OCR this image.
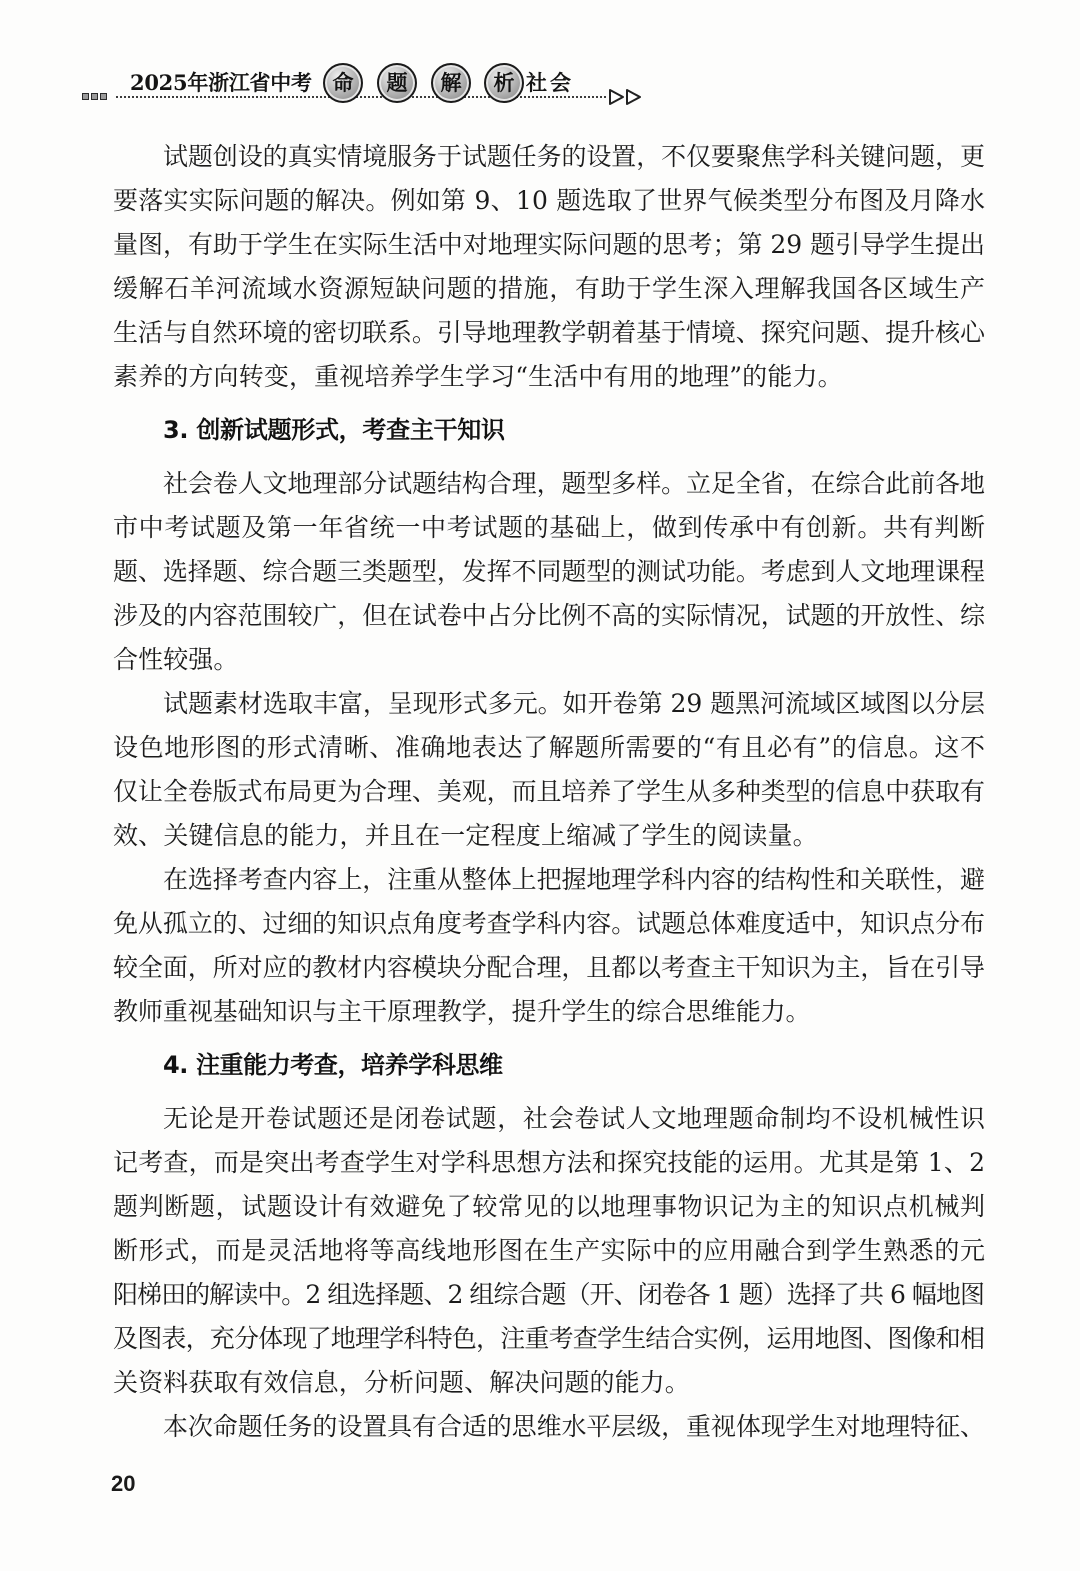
2025年浙江省中考 命	题	解	析 社会
试题创设的真实情境服务于试题任务的设置，不仅要聚焦学科关键问题，更
要落实实际问题的解决。例如第 9、10 题选取了世界气候类型分布图及月降水
量图，有助于学生在实际生活中对地理实际问题的思考；第 29 题引导学生提出
缓解石羊河流域水资源短缺问题的措施，有助于学生深入理解我国各区域生产
生活与自然环境的密切联系。引导地理教学朝着基于情境、探究问题、提升核心
素养的方向转变，重视培养学生学习“生活中有用的地理”的能力。
3. 创新试题形式，考查主干知识
社会卷人文地理部分试题结构合理，题型多样。立足全省，在综合此前各地
市中考试题及第一年省统一中考试题的基础上，做到传承中有创新。共有判断
题、选择题、综合题三类题型，发挥不同题型的测试功能。考虑到人文地理课程
涉及的内容范围较广，但在试卷中占分比例不高的实际情况，试题的开放性、综
合性较强。
试题素材选取丰富，呈现形式多元。如开卷第 29 题黑河流域区域图以分层
设色地形图的形式清晰、准确地表达了解题所需要的“有且必有”的信息。这不
仅让全卷版式布局更为合理、美观，而且培养了学生从多种类型的信息中获取有
效、关键信息的能力，并且在一定程度上缩减了学生的阅读量。
在选择考查内容上，注重从整体上把握地理学科内容的结构性和关联性，避
免从孤立的、过细的知识点角度考查学科内容。试题总体难度适中，知识点分布
较全面，所对应的教材内容模块分配合理，且都以考查主干知识为主，旨在引导
教师重视基础知识与主干原理教学，提升学生的综合思维能力。
4. 注重能力考查，培养学科思维
无论是开卷试题还是闭卷试题，社会卷试人文地理题命制均不设机械性识
记考查，而是突出考查学生对学科思想方法和探究技能的运用。尤其是第 1、2
题判断题，试题设计有效避免了较常见的以地理事物识记为主的知识点机械判
断形式，而是灵活地将等高线地形图在生产实际中的应用融合到学生熟悉的元
阳梯田的解读中。2 组选择题、2 组综合题（开、闭卷各 1 题）选择了共 6 幅地图
及图表，充分体现了地理学科特色，注重考查学生结合实例，运用地图、图像和相
关资料获取有效信息，分析问题、解决问题的能力。
本次命题任务的设置具有合适的思维水平层级，重视体现学生对地理特征、
20
